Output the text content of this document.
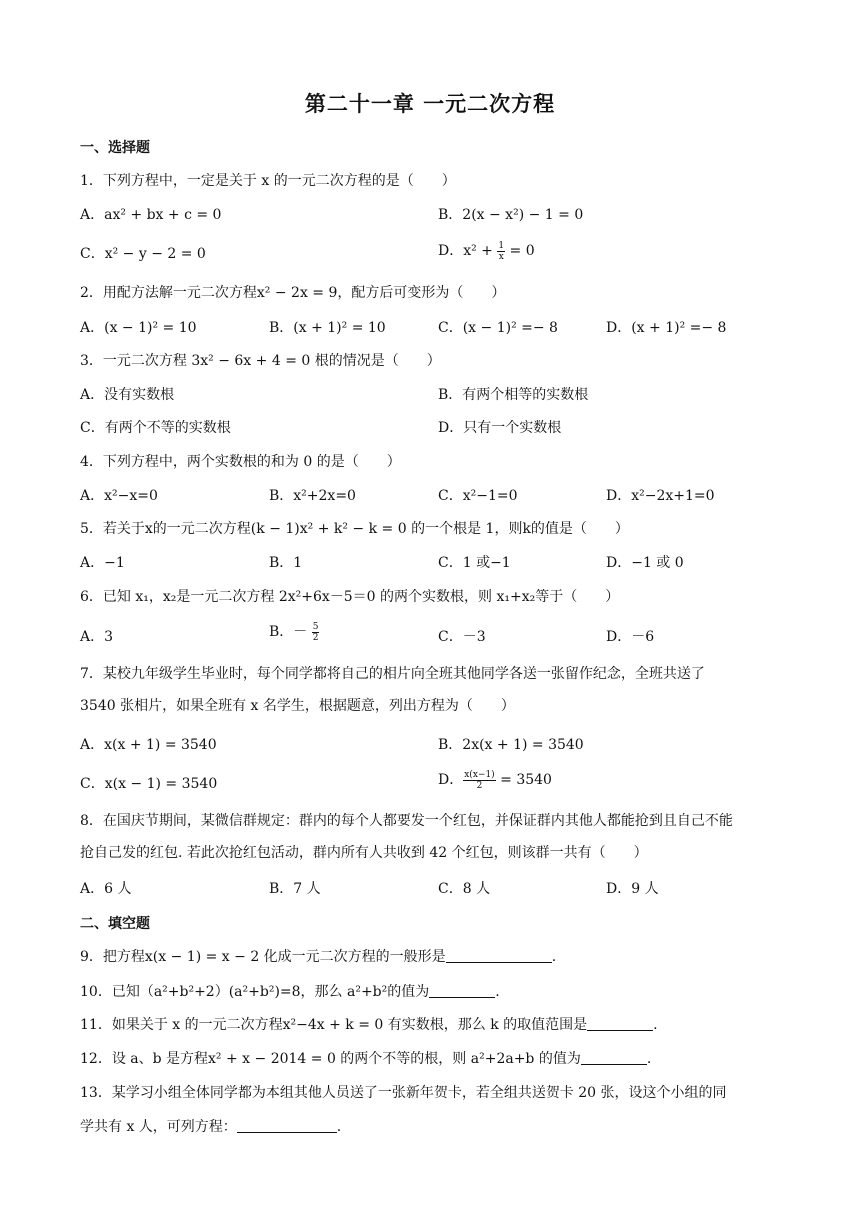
第二十一章 一元二次方程
一、选择题
1．下列方程中，一定是关于 x 的一元二次方程的是（　　）
A．ax² + bx + c = 0	B．2(x − x²) − 1 = 0
C．x² − y − 2 = 0	D．$x^2 + \frac{1}{x} = 0$
2．用配方法解一元二次方程x² − 2x = 9，配方后可变形为（　　）
A．(x − 1)² = 10	B．(x + 1)² = 10	C．(x − 1)² =− 8	D．(x + 1)² =− 8
3．一元二次方程 3x² − 6x + 4 = 0 根的情况是（　　）
A．没有实数根	B．有两个相等的实数根
C．有两个不等的实数根	D．只有一个实数根
4．下列方程中，两个实数根的和为 0 的是（　　）
A．x²−x=0	B．x²+2x=0	C．x²−1=0	D．x²−2x+1=0
5．若关于x的一元二次方程(k − 1)x² + k² − k = 0 的一个根是 1，则k的值是（　　）
A．−1	B．1	C．1 或−1	D．−1 或 0
6．已知 x₁，x₂是一元二次方程 2x²+6x－5＝0 的两个实数根，则 x₁+x₂等于（　　）
A．3	B．－ $\frac{5}{2}$	C．－3	D．－6
7．某校九年级学生毕业时，每个同学都将自己的相片向全班其他同学各送一张留作纪念，全班共送了 3540 张相片，如果全班有 x 名学生，根据题意，列出方程为（　　）
A．x(x + 1) = 3540	B．2x(x + 1) = 3540
C．x(x − 1) = 3540	D． $\frac{x(x-1)}{2} = 3540$
8．在国庆节期间，某微信群规定：群内的每个人都要发一个红包，并保证群内其他人都能抢到且自己不能抢自己发的红包. 若此次抢红包活动，群内所有人共收到 42 个红包，则该群一共有（　　）
A．6 人	B．7 人	C．8 人	D．9 人
二、填空题
9．把方程x(x − 1) = x − 2 化成一元二次方程的一般形是	.
10．已知（a²+b²+2）(a²+b²)=8，那么 a²+b²的值为	.
11．如果关于 x 的一元二次方程x²−4x + k = 0 有实数根，那么 k 的取值范围是	.
12．设 a、b 是方程x² + x − 2014 = 0 的两个不等的根，则 a²+2a+b 的值为	.
13．某学习小组全体同学都为本组其他人员送了一张新年贺卡，若全组共送贺卡 20 张，设这个小组的同学共有 x 人，可列方程：	.
